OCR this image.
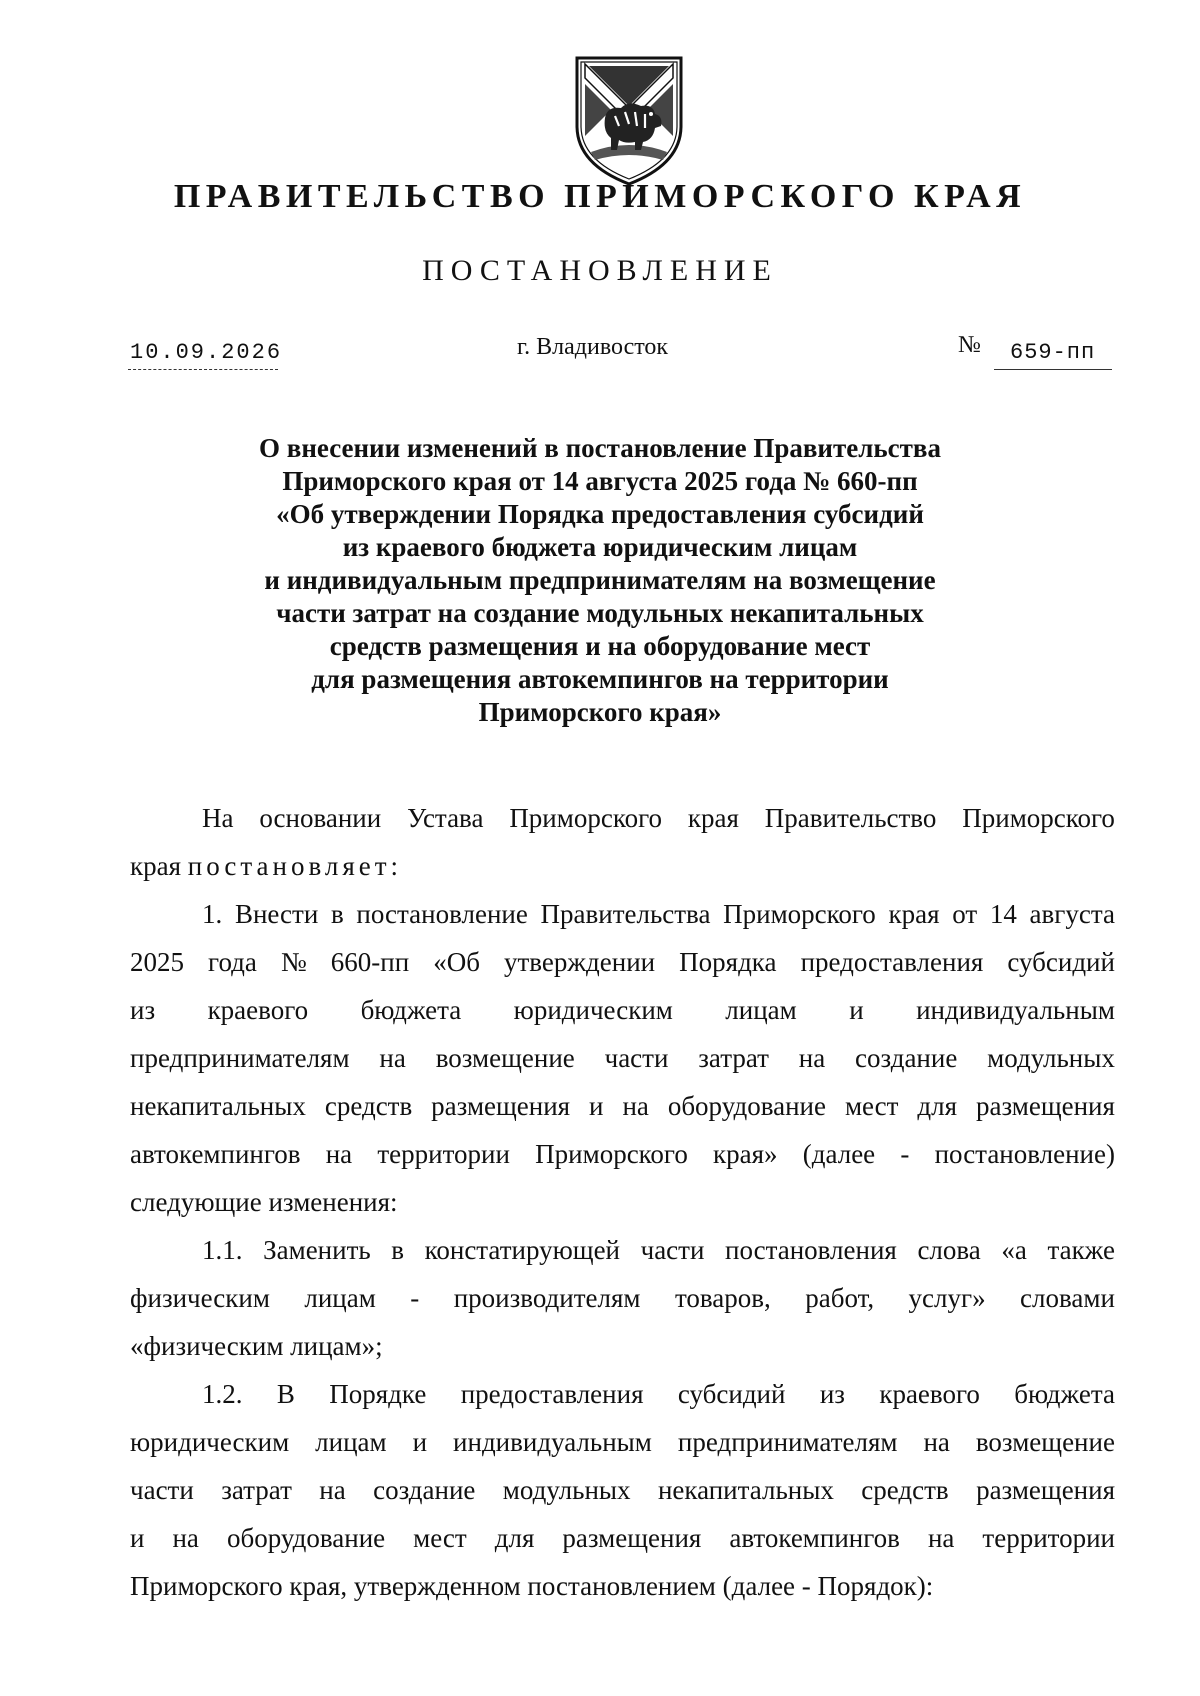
ПРАВИТЕЛЬСТВО ПРИМОРСКОГО КРАЯ
ПОСТАНОВЛЕНИЕ
10.09.2026	г. Владивосток	№ 659-пп
О внесении изменений в постановление Правительства
Приморского края от 14 августа 2025 года № 660-пп
«Об утверждении Порядка предоставления субсидий
из краевого бюджета юридическим лицам
и индивидуальным предпринимателям на возмещение
части затрат на создание модульных некапитальных
средств размещения и на оборудование мест
для размещения автокемпингов на территории
Приморского края»
На основании Устава Приморского края Правительство Приморского
края постановляет:
1. Внести в постановление Правительства Приморского края от 14 августа
2025 года № 660-пп «Об утверждении Порядка предоставления субсидий
из краевого бюджета юридическим лицам и индивидуальным
предпринимателям на возмещение части затрат на создание модульных
некапитальных средств размещения и на оборудование мест для размещения
автокемпингов на территории Приморского края» (далее - постановление)
следующие изменения:
1.1. Заменить в констатирующей части постановления слова «а также
физическим лицам - производителям товаров, работ, услуг» словами
«физическим лицам»;
1.2. В Порядке предоставления субсидий из краевого бюджета
юридическим лицам и индивидуальным предпринимателям на возмещение
части затрат на создание модульных некапитальных средств размещения
и на оборудование мест для размещения автокемпингов на территории
Приморского края, утвержденном постановлением (далее - Порядок):
